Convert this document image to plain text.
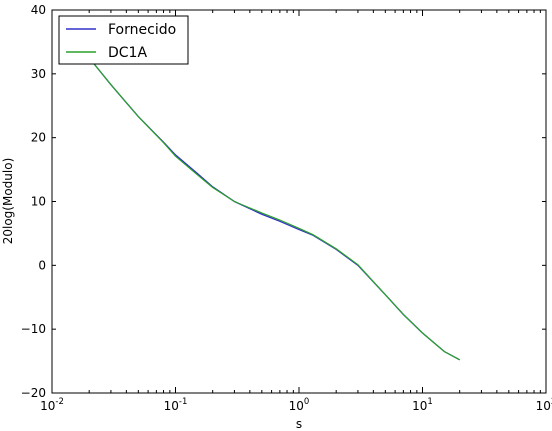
−20
−10
0
10
20
30
40
$10^{-2}$	$10^{-1}$	$10^0$	$10^1$	10
s
20log(Modulo)
Fornecido
DC1A
